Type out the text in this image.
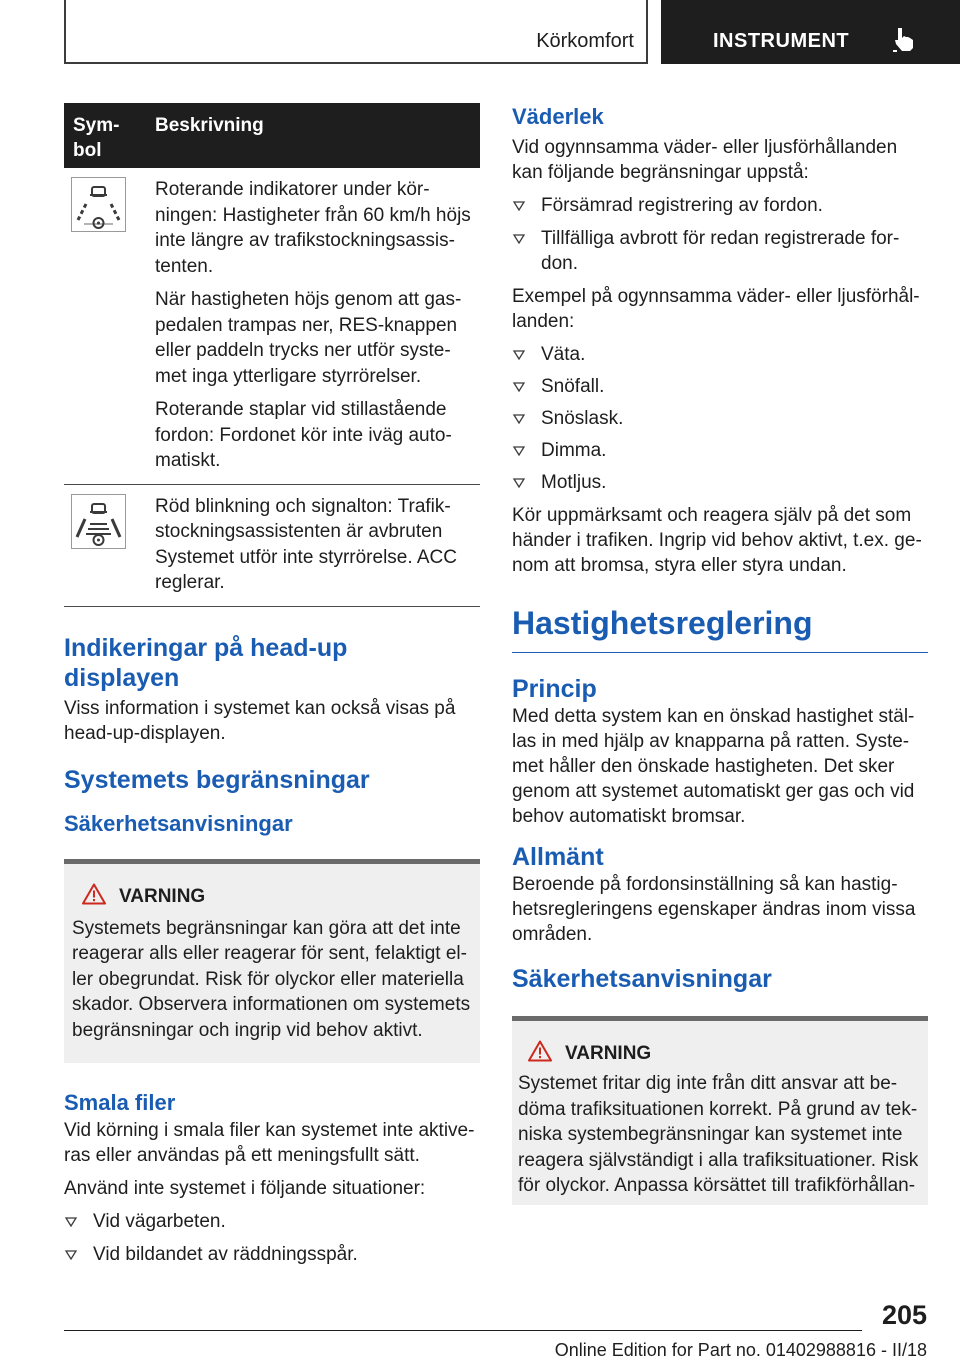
Körkomfort	INSTRUMENT
Sym-
bol
Beskrivning

Roterande indikatorer under kör-
ningen: Hastigheter från 60 km/h höjs
inte längre av trafikstockningsassis-
tenten.

När hastigheten höjs genom att gas-
pedalen trampas ner, RES-knappen
eller paddeln trycks ner utför syste-
met inga ytterligare styrrörelser.

Roterande staplar vid stillastående
fordon: Fordonet kör inte iväg auto-
matiskt.

Röd blinkning och signalton: Trafik-
stockningsassistenten är avbruten
Systemet utför inte styrrörelse. ACC
reglerar.

Indikeringar på head-up
displayen

Viss information i systemet kan också visas på
head-up-displayen.

Systemets begränsningar
Säkerhetsanvisningar
VARNING

Systemets begränsningar kan göra att det inte
reagerar alls eller reagerar för sent, felaktigt el-
ler obegrundat. Risk för olyckor eller materiella
skador. Observera informationen om systemets
begränsningar och ingrip vid behov aktivt.

Smala filer

Vid körning i smala filer kan systemet inte aktive-
ras eller användas på ett meningsfullt sätt.

Använd inte systemet i följande situationer:

Vid vägarbeten.
Vid bildandet av räddningsspår.
Väderlek

Vid ogynnsamma väder- eller ljusförhållanden
kan följande begränsningar uppstå:

Försämrad registrering av fordon.
Tillfälliga avbrott för redan registrerade for-
don.

Exempel på ogynnsamma väder- eller ljusförhål-
landen:

Väta.
Snöfall.
Snöslask.
Dimma.
Motljus.

Kör uppmärksamt och reagera själv på det som
händer i trafiken. Ingrip vid behov aktivt, t.ex. ge-
nom att bromsa, styra eller styra undan.

Hastighetsreglering
Princip

Med detta system kan en önskad hastighet stäl-
las in med hjälp av knapparna på ratten. Syste-
met håller den önskade hastigheten. Det sker
genom att systemet automatiskt ger gas och vid
behov automatiskt bromsar.

Allmänt

Beroende på fordonsinställning så kan hastig-
hetsregleringens egenskaper ändras inom vissa
områden.

Säkerhetsanvisningar
VARNING

Systemet fritar dig inte från ditt ansvar att be-
döma trafiksituationen korrekt. På grund av tek-
niska systembegränsningar kan systemet inte
reagera självständigt i alla trafiksituationer. Risk
för olyckor. Anpassa körsättet till trafikförhållan-

205
Online Edition for Part no. 01402988816 - II/18
